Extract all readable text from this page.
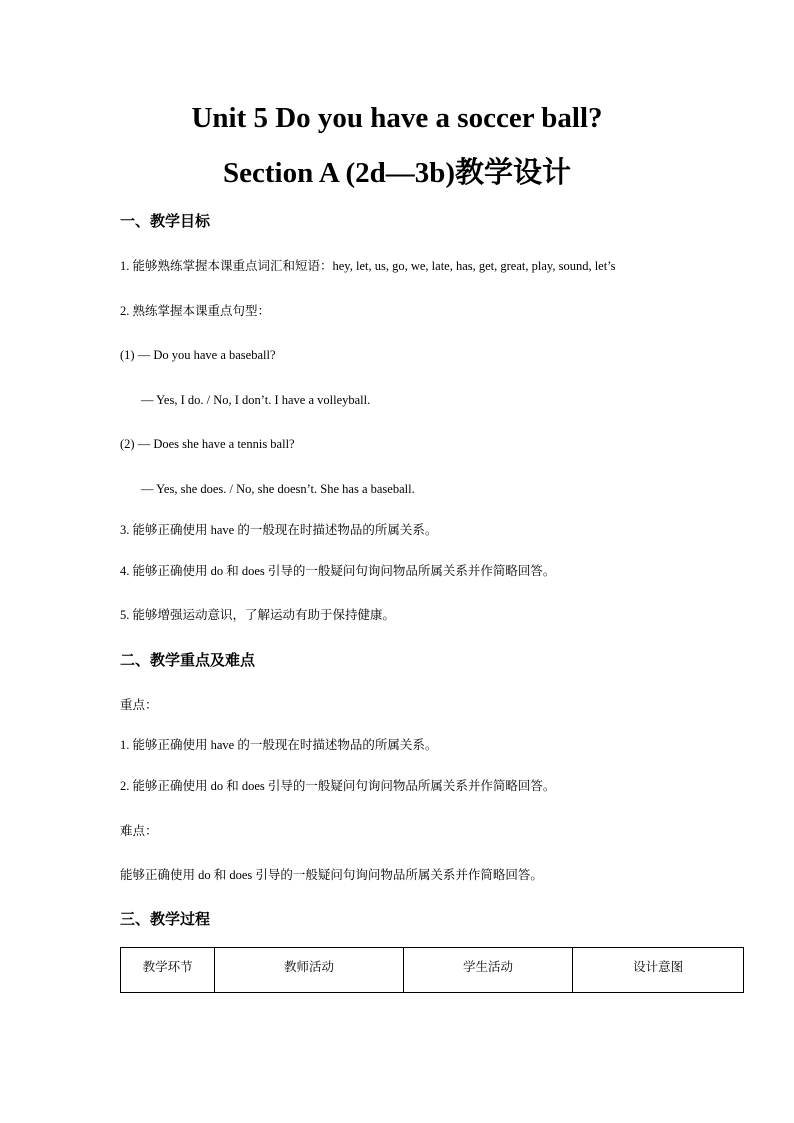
Unit 5 Do you have a soccer ball?
Section A (2d—3b)教学设计
一、教学目标

1. 能够熟练掌握本课重点词汇和短语：hey, let, us, go, we, late, has, get, great, play, sound, let’s

2. 熟练掌握本课重点句型：

(1) — Do you have a baseball?

— Yes, I do. / No, I don’t. I have a volleyball.

(2) — Does she have a tennis ball?

— Yes, she does. / No, she doesn’t. She has a baseball.

3. 能够正确使用 have 的一般现在时描述物品的所属关系。

4. 能够正确使用 do 和 does 引导的一般疑问句询问物品所属关系并作简略回答。

5. 能够增强运动意识，了解运动有助于保持健康。

二、教学重点及难点

重点：

1. 能够正确使用 have 的一般现在时描述物品的所属关系。

2. 能够正确使用 do 和 does 引导的一般疑问句询问物品所属关系并作简略回答。

难点：

能够正确使用 do 和 does 引导的一般疑问句询问物品所属关系并作简略回答。

三、教学过程
教学环节	教师活动	学生活动	设计意图
